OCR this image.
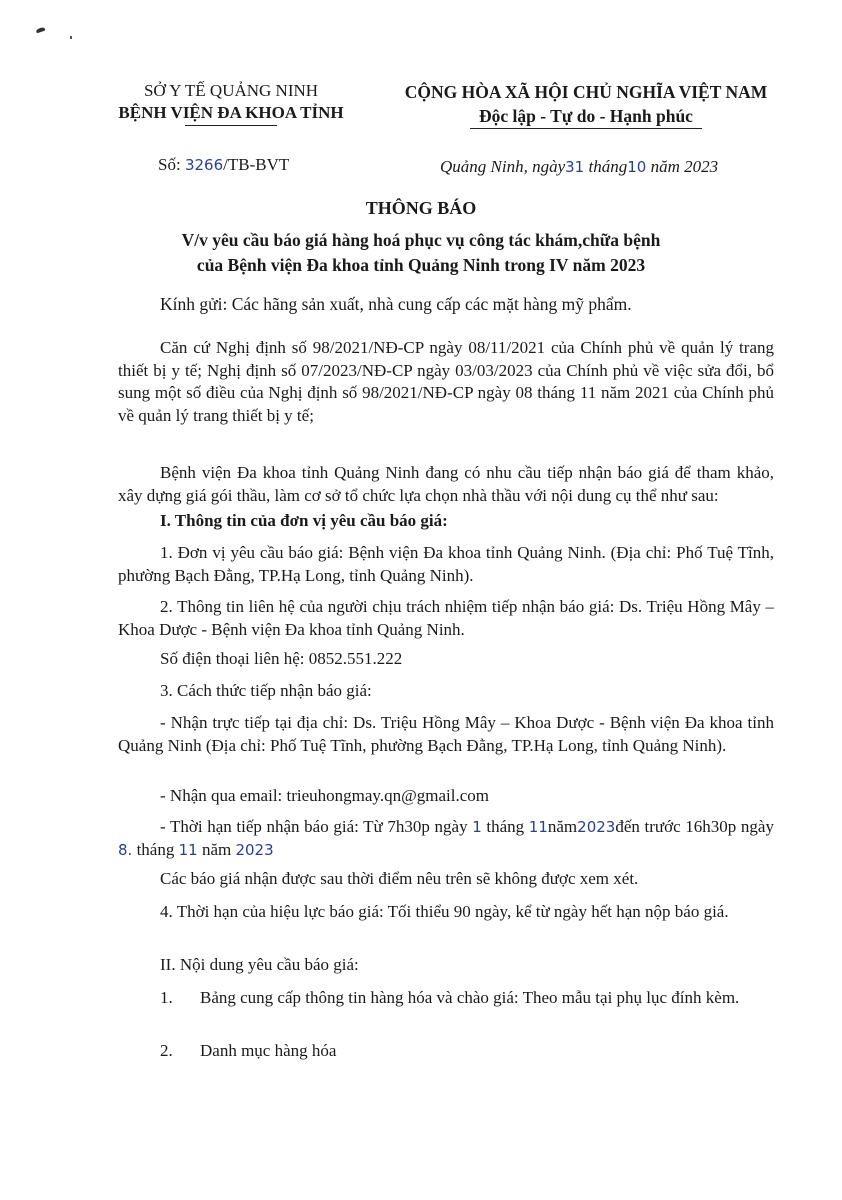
SỞ Y TẾ QUẢNG NINH
BỆNH VIỆN ĐA KHOA TỈNH
CỘNG HÒA XÃ HỘI CHỦ NGHĨA VIỆT NAM
Độc lập - Tự do - Hạnh phúc
Số: 3266/TB-BVT	Quảng Ninh, ngày31 tháng10 năm 2023
THÔNG BÁO
V/v yêu cầu báo giá hàng hoá phục vụ công tác khám,chữa bệnh
của Bệnh viện Đa khoa tỉnh Quảng Ninh trong IV năm 2023
Kính gửi: Các hãng sản xuất, nhà cung cấp các mặt hàng mỹ phẩm.

Căn cứ Nghị định số 98/2021/NĐ-CP ngày 08/11/2021 của Chính phủ về quản lý trang thiết bị y tế; Nghị định số 07/2023/NĐ-CP ngày 03/03/2023 của Chính phủ về việc sửa đổi, bổ sung một số điều của Nghị định số 98/2021/NĐ-CP ngày 08 tháng 11 năm 2021 của Chính phủ về quản lý trang thiết bị y tế;

Bệnh viện Đa khoa tỉnh Quảng Ninh đang có nhu cầu tiếp nhận báo giá để tham khảo, xây dựng giá gói thầu, làm cơ sở tổ chức lựa chọn nhà thầu với nội dung cụ thể như sau:

I. Thông tin của đơn vị yêu cầu báo giá:

1. Đơn vị yêu cầu báo giá: Bệnh viện Đa khoa tỉnh Quảng Ninh. (Địa chỉ: Phố Tuệ Tĩnh, phường Bạch Đằng, TP.Hạ Long, tỉnh Quảng Ninh).

2. Thông tin liên hệ của người chịu trách nhiệm tiếp nhận báo giá: Ds. Triệu Hồng Mây – Khoa Dược - Bệnh viện Đa khoa tỉnh Quảng Ninh.

Số điện thoại liên hệ: 0852.551.222

3. Cách thức tiếp nhận báo giá:

- Nhận trực tiếp tại địa chỉ: Ds. Triệu Hồng Mây – Khoa Dược - Bệnh viện Đa khoa tỉnh Quảng Ninh (Địa chỉ: Phố Tuệ Tĩnh, phường Bạch Đằng, TP.Hạ Long, tỉnh Quảng Ninh).

- Nhận qua email: trieuhongmay.qn@gmail.com

- Thời hạn tiếp nhận báo giá: Từ 7h30p ngày 1 tháng 11năm2023đến trước 16h30p ngày 8. tháng 11 năm 2023

Các báo giá nhận được sau thời điểm nêu trên sẽ không được xem xét.

4. Thời hạn của hiệu lực báo giá: Tối thiểu 90 ngày, kể từ ngày hết hạn nộp báo giá.

II. Nội dung yêu cầu báo giá:

1. Bảng cung cấp thông tin hàng hóa và chào giá: Theo mẫu tại phụ lục đính kèm.
2. Danh mục hàng hóa
